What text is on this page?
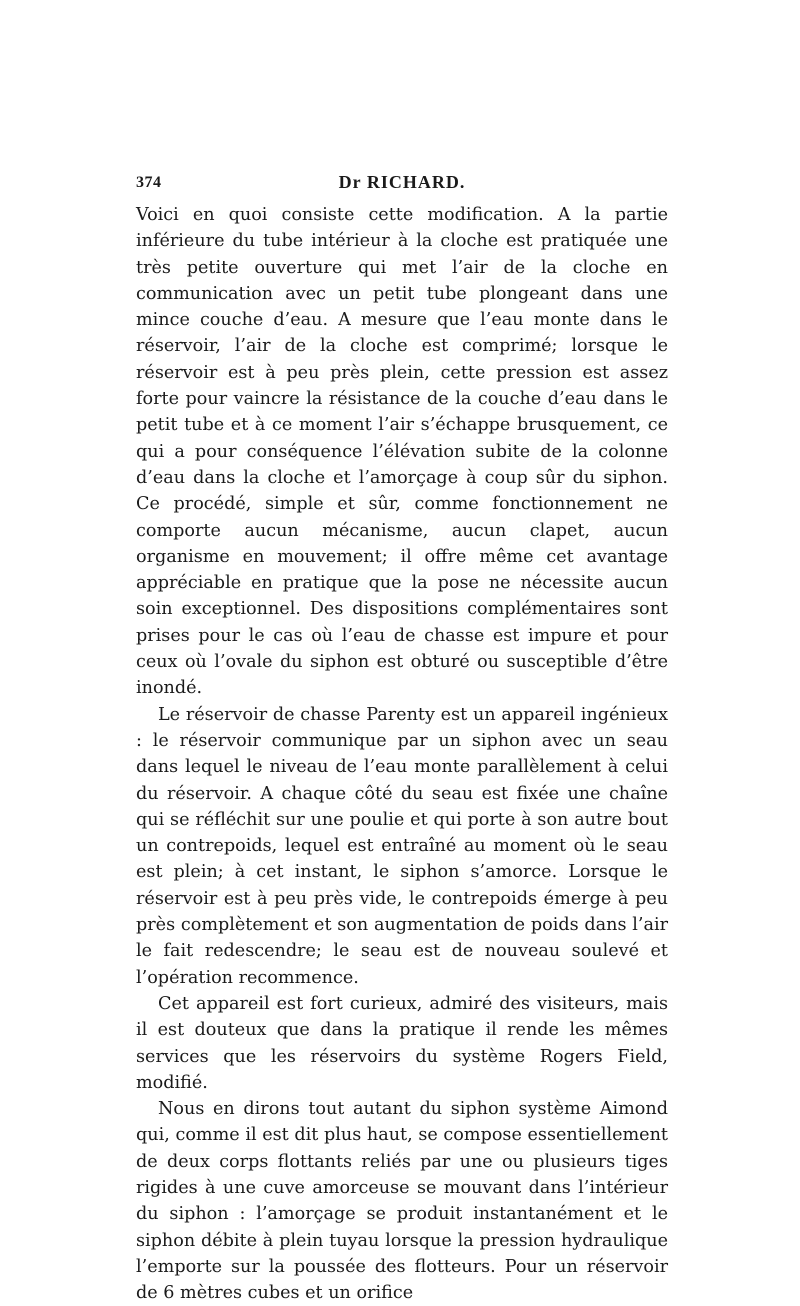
374	Dr RICHARD.

Voici en quoi consiste cette modification. A la partie inférieure du tube intérieur à la cloche est pratiquée une très petite ouverture qui met l’air de la cloche en communication avec un petit tube plongeant dans une mince couche d’eau. A mesure que l’eau monte dans le réservoir, l’air de la cloche est comprimé; lorsque le réservoir est à peu près plein, cette pression est assez forte pour vaincre la résistance de la couche d’eau dans le petit tube et à ce moment l’air s’échappe brusquement, ce qui a pour conséquence l’élévation subite de la colonne d’eau dans la cloche et l’amorçage à coup sûr du siphon. Ce procédé, simple et sûr, comme fonctionnement ne comporte aucun mécanisme, aucun clapet, aucun organisme en mouvement; il offre même cet avantage appréciable en pratique que la pose ne nécessite aucun soin exceptionnel. Des dispositions complémentaires sont prises pour le cas où l’eau de chasse est impure et pour ceux où l’ovale du siphon est obturé ou susceptible d’être inondé.

Le réservoir de chasse Parenty est un appareil ingénieux : le réservoir communique par un siphon avec un seau dans lequel le niveau de l’eau monte parallèlement à celui du réservoir. A chaque côté du seau est fixée une chaîne qui se réfléchit sur une poulie et qui porte à son autre bout un contrepoids, lequel est entraîné au moment où le seau est plein; à cet instant, le siphon s’amorce. Lorsque le réservoir est à peu près vide, le contrepoids émerge à peu près complètement et son augmentation de poids dans l’air le fait redescendre; le seau est de nouveau soulevé et l’opération recommence.

Cet appareil est fort curieux, admiré des visiteurs, mais il est douteux que dans la pratique il rende les mêmes services que les réservoirs du système Rogers Field, modifié.

Nous en dirons tout autant du siphon système Aimond qui, comme il est dit plus haut, se compose essentiellement de deux corps flottants reliés par une ou plusieurs tiges rigides à une cuve amorceuse se mouvant dans l’intérieur du siphon : l’amorçage se produit instantanément et le siphon débite à plein tuyau lorsque la pression hydraulique l’emporte sur la poussée des flotteurs. Pour un réservoir de 6 mètres cubes et un orifice
